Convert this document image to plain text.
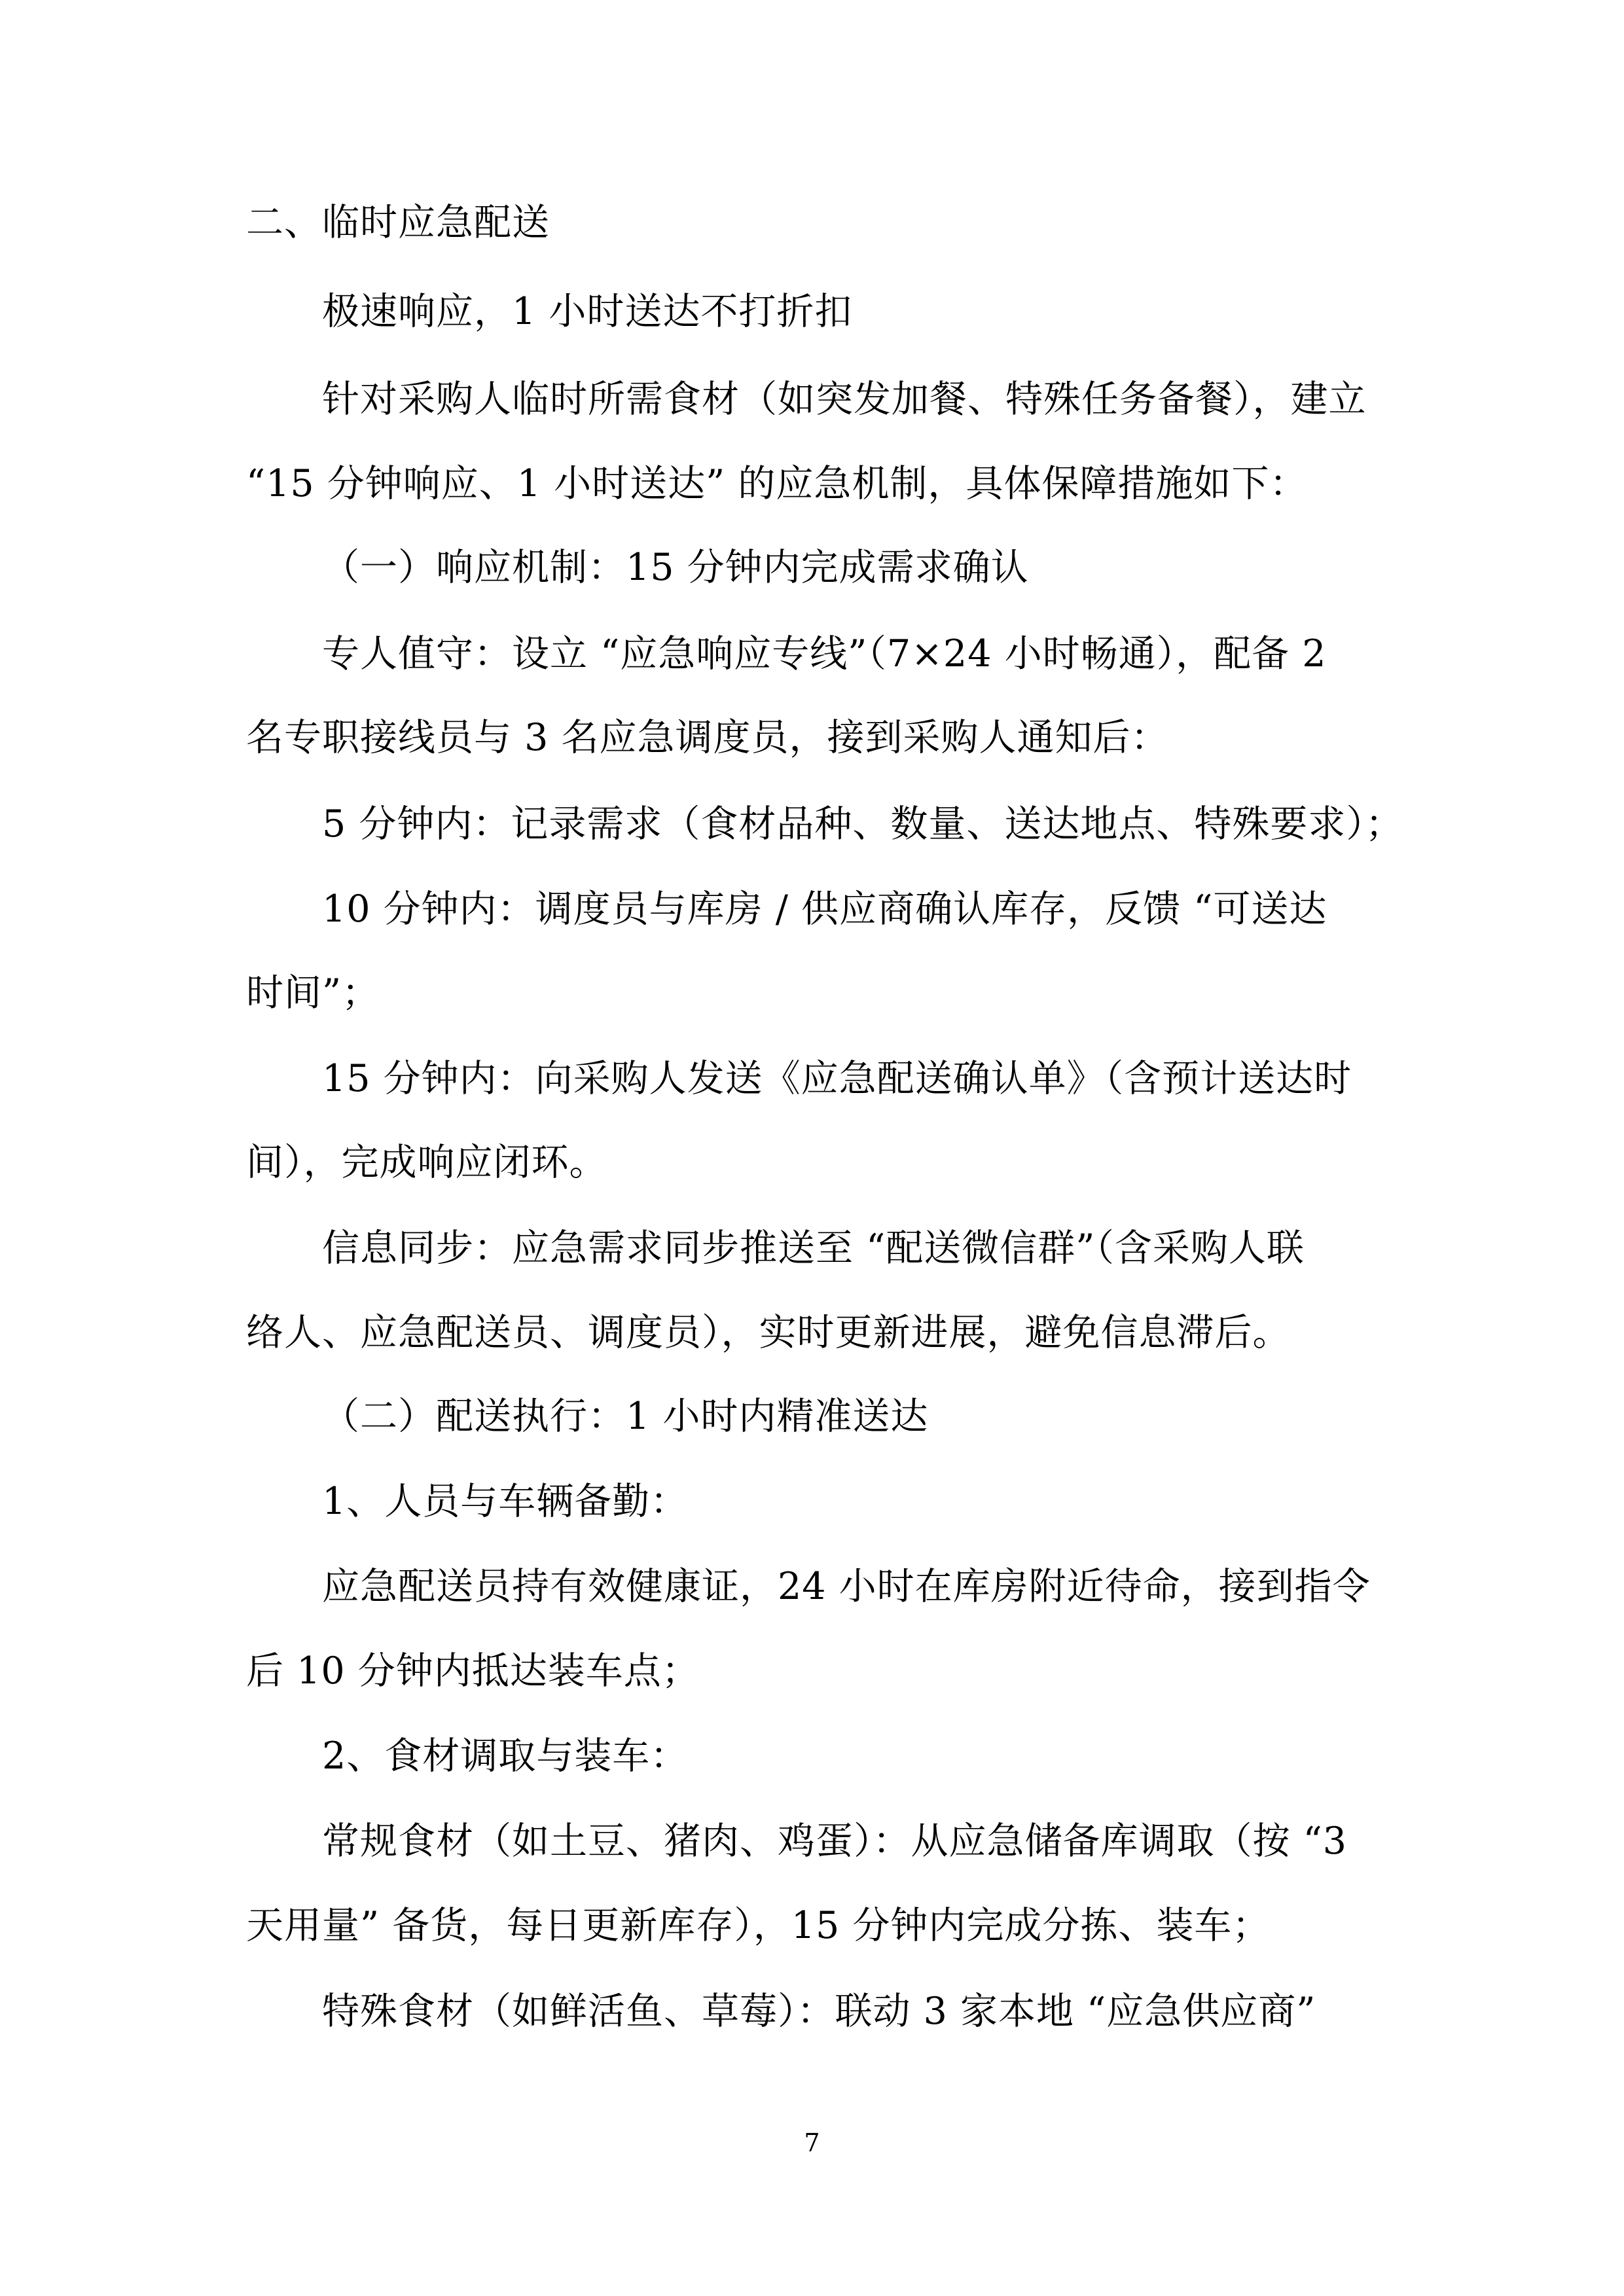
二、临时应急配送
极速响应，1 小时送达不打折扣
针对采购人临时所需食材（如突发加餐、特殊任务备餐），建立
“15 分钟响应、1 小时送达” 的应急机制，具体保障措施如下：
（一）响应机制：15 分钟内完成需求确认
专人值守：设立 “应急响应专线”（7×24 小时畅通），配备 2
名专职接线员与 3 名应急调度员，接到采购人通知后：
5 分钟内：记录需求（食材品种、数量、送达地点、特殊要求）；
10 分钟内：调度员与库房 / 供应商确认库存，反馈 “可送达
时间”；
15 分钟内：向采购人发送《应急配送确认单》（含预计送达时
间），完成响应闭环。
信息同步：应急需求同步推送至 “配送微信群”（含采购人联
络人、应急配送员、调度员），实时更新进展，避免信息滞后。
（二）配送执行：1 小时内精准送达
1、人员与车辆备勤：
应急配送员持有效健康证，24 小时在库房附近待命，接到指令
后 10 分钟内抵达装车点；
2、食材调取与装车：
常规食材（如土豆、猪肉、鸡蛋）：从应急储备库调取（按 “3
天用量” 备货，每日更新库存），15 分钟内完成分拣、装车；
特殊食材（如鲜活鱼、草莓）：联动 3 家本地 “应急供应商”
7
